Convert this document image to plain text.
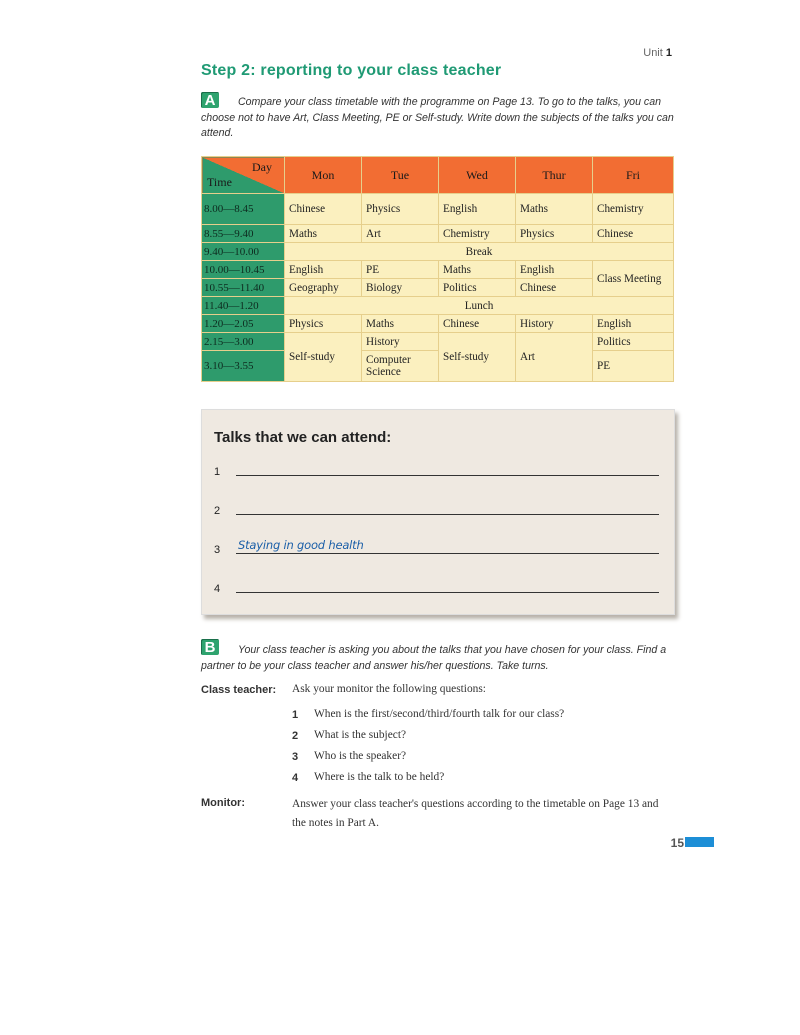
Unit 1
Step 2: reporting to your class teacher
A	Compare your class timetable with the programme on Page 13. To go to the talks, you can choose not to have Art, Class Meeting, PE or Self-study. Write down the subjects of the talks you can attend.
Day
Time	Mon	Tue	Wed	Thur	Fri
8.00—8.45	Chinese	Physics	English	Maths	Chemistry
8.55—9.40	Maths	Art	Chemistry	Physics	Chinese
9.40—10.00	Break				
10.00—10.45	English	PE	Maths	English	Class Meeting
10.55—11.40	Geography	Biology	Politics	Chinese	
11.40—1.20	Lunch				
1.20—2.05	Physics	Maths	Chinese	History	English
2.15—3.00	Self-study	History	Self-study	Art	Politics
3.10—3.55		Computer Science			PE
Talks that we can attend:
1
2
3 Staying in good health
4
B	Your class teacher is asking you about the talks that you have chosen for your class. Find a partner to be your class teacher and answer his/her questions. Take turns.
Class teacher: Ask your monitor the following questions:
1 When is the first/second/third/fourth talk for our class?
2 What is the subject?
3 Who is the speaker?
4 Where is the talk to be held?
Monitor:	Answer your class teacher's questions according to the timetable on Page 13 and the notes in Part A.
15
